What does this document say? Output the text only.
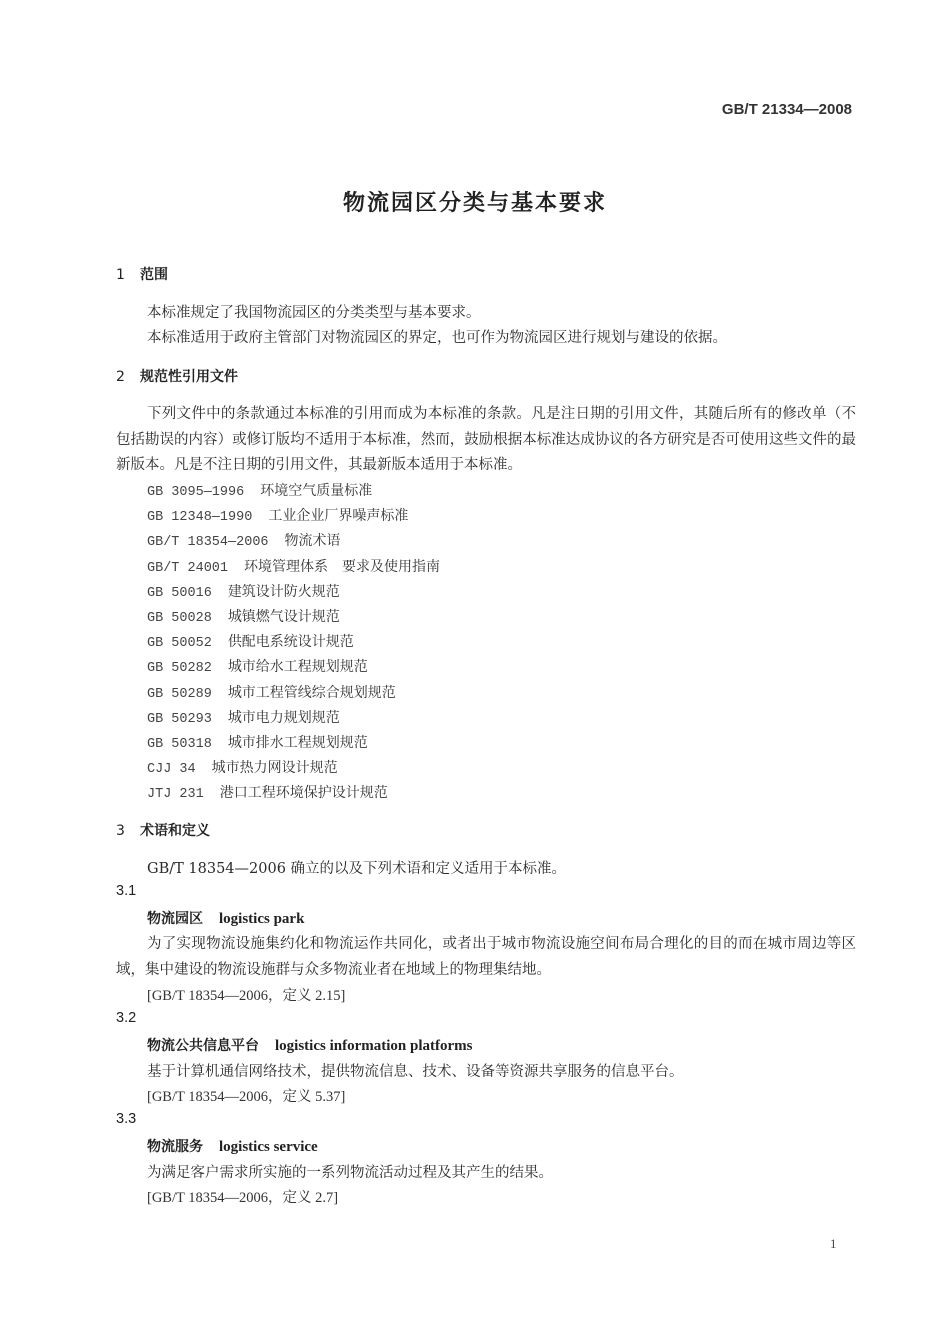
GB/T 21334—2008
物流园区分类与基本要求
1 范围
本标准规定了我国物流园区的分类类型与基本要求。
本标准适用于政府主管部门对物流园区的界定，也可作为物流园区进行规划与建设的依据。
2 规范性引用文件
下列文件中的条款通过本标准的引用而成为本标准的条款。凡是注日期的引用文件，其随后所有的修改单（不包括勘误的内容）或修订版均不适用于本标准，然而，鼓励根据本标准达成协议的各方研究是否可使用这些文件的最新版本。凡是不注日期的引用文件，其最新版本适用于本标准。
GB 3095—1996 环境空气质量标准
GB 12348—1990 工业企业厂界噪声标准
GB/T 18354—2006 物流术语
GB/T 24001 环境管理体系　要求及使用指南
GB 50016 建筑设计防火规范
GB 50028 城镇燃气设计规范
GB 50052 供配电系统设计规范
GB 50282 城市给水工程规划规范
GB 50289 城市工程管线综合规划规范
GB 50293 城市电力规划规范
GB 50318 城市排水工程规划规范
CJJ 34 城市热力网设计规范
JTJ 231 港口工程环境保护设计规范
3 术语和定义
GB/T 18354—2006 确立的以及下列术语和定义适用于本标准。
3.1
物流园区 logistics park
为了实现物流设施集约化和物流运作共同化，或者出于城市物流设施空间布局合理化的目的而在城市周边等区域，集中建设的物流设施群与众多物流业者在地域上的物理集结地。
[GB/T 18354—2006，定义 2.15]
3.2
物流公共信息平台 logistics information platforms
基于计算机通信网络技术，提供物流信息、技术、设备等资源共享服务的信息平台。
[GB/T 18354—2006，定义 5.37]
3.3
物流服务 logistics service
为满足客户需求所实施的一系列物流活动过程及其产生的结果。
[GB/T 18354—2006，定义 2.7]
1
